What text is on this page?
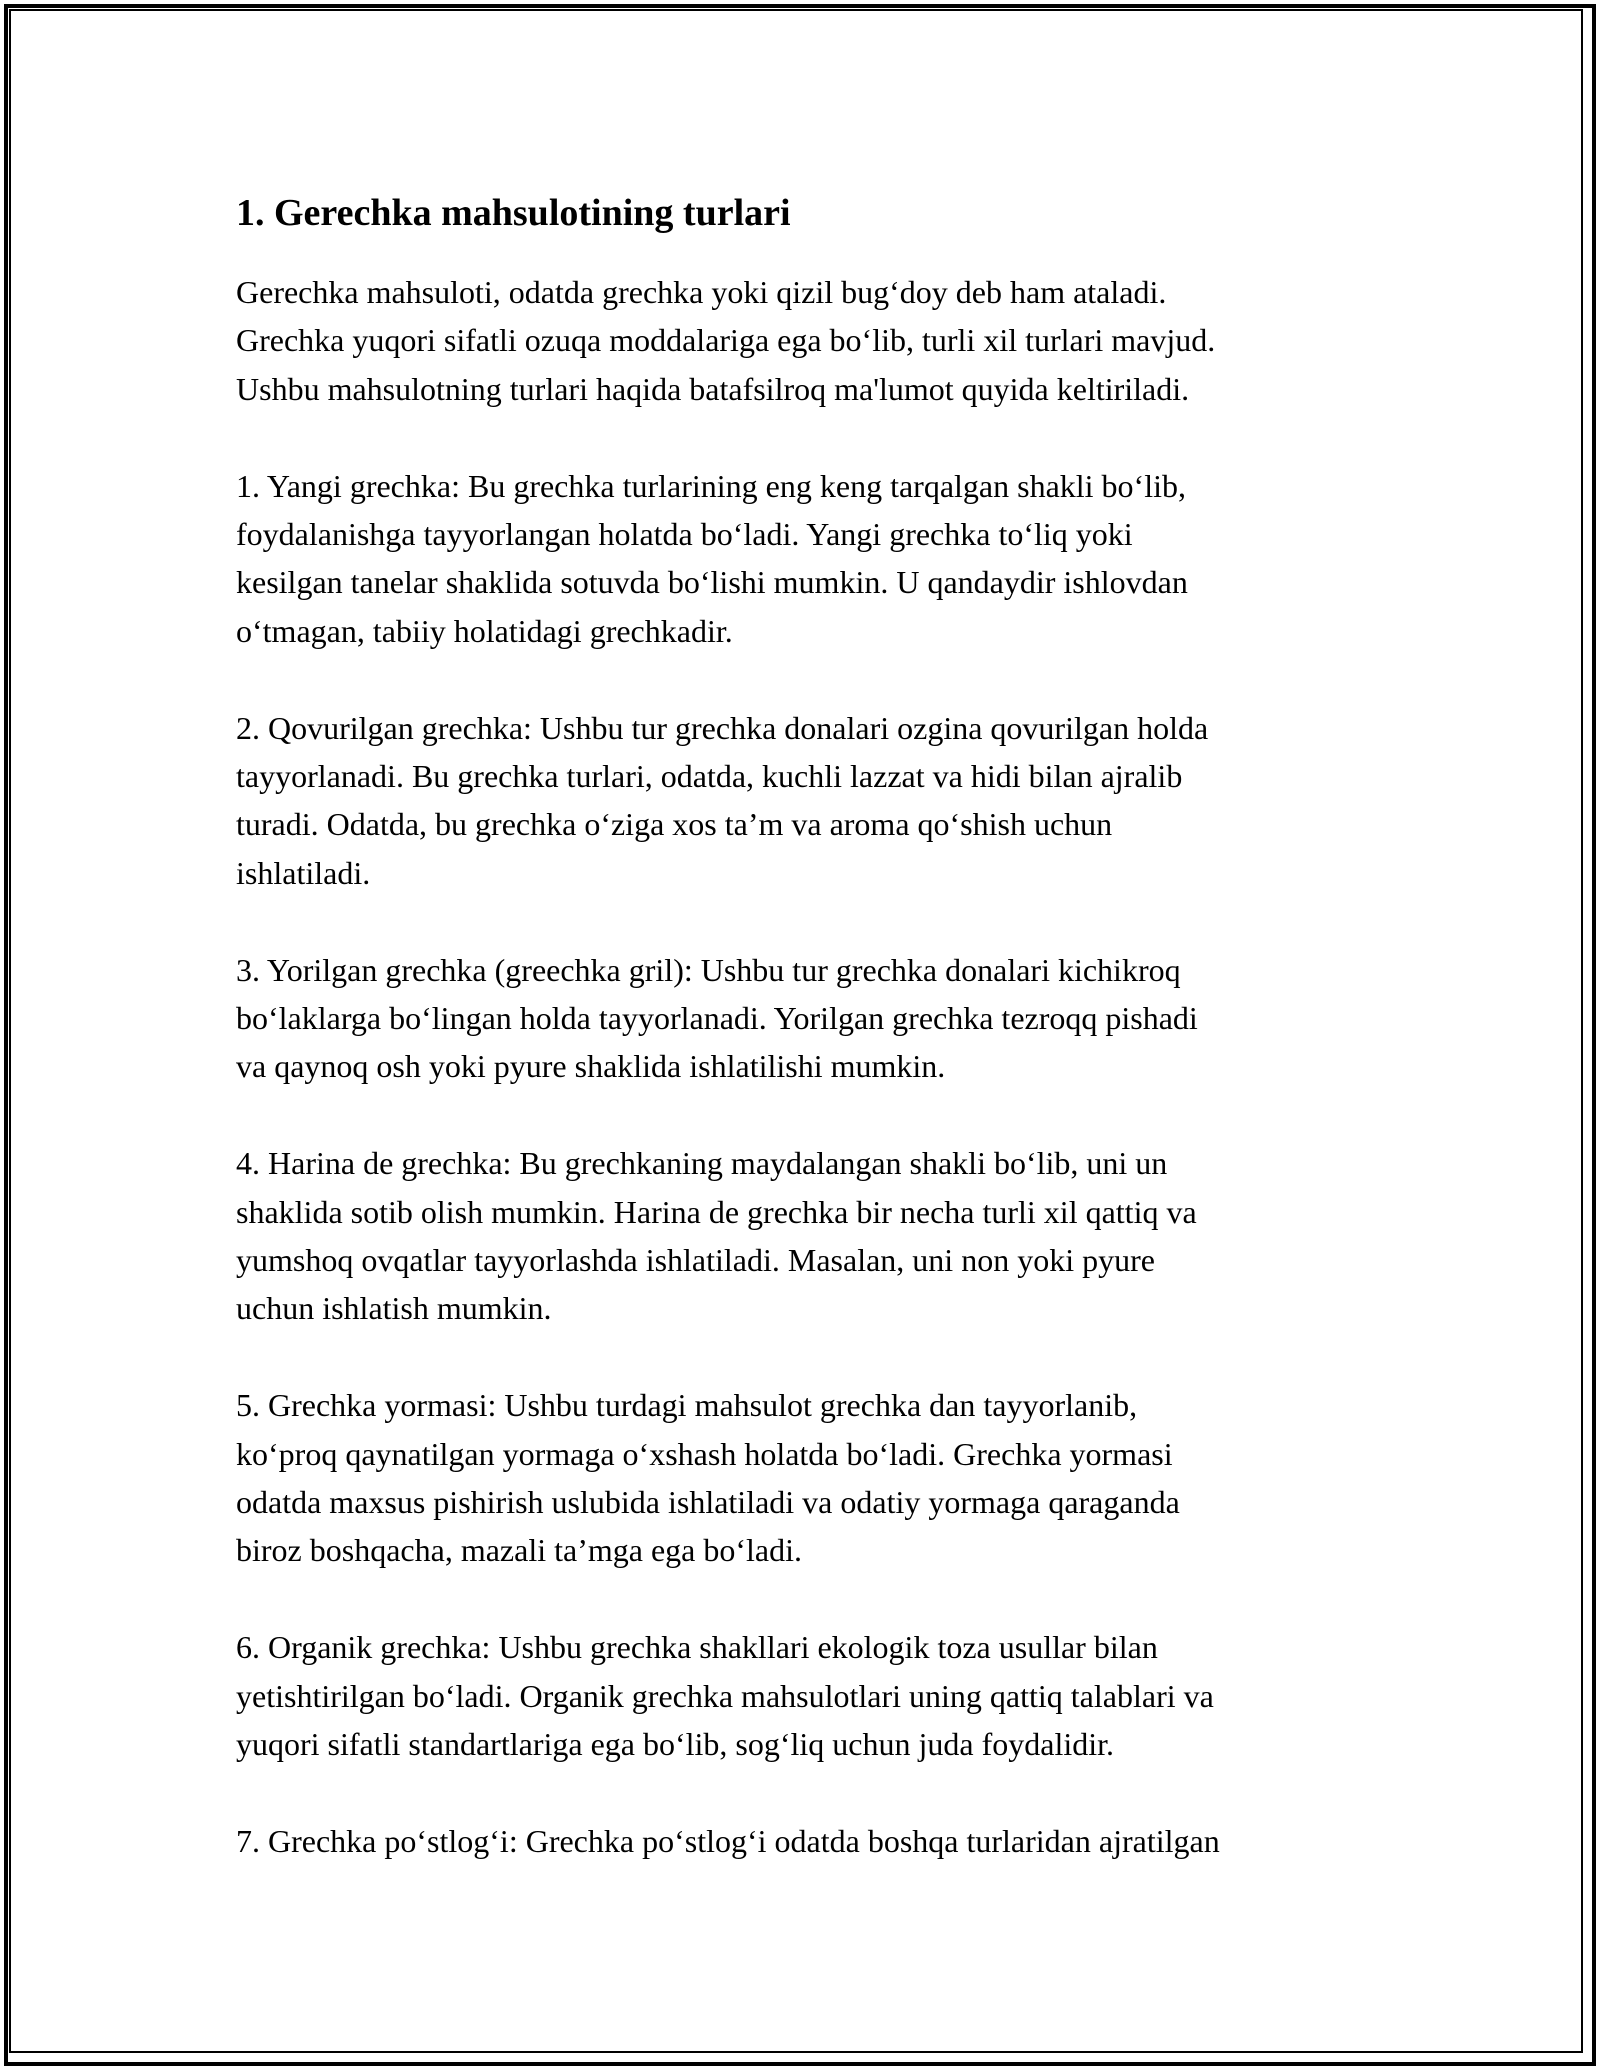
1. Gerechka mahsulotining turlari

Gerechka mahsuloti, odatda grechka yoki qizil bug‘doy deb ham ataladi.
Grechka yuqori sifatli ozuqa moddalariga ega bo‘lib, turli xil turlari mavjud.
Ushbu mahsulotning turlari haqida batafsilroq ma'lumot quyida keltiriladi.

1. Yangi grechka: Bu grechka turlarining eng keng tarqalgan shakli bo‘lib,
foydalanishga tayyorlangan holatda bo‘ladi. Yangi grechka to‘liq yoki
kesilgan tanelar shaklida sotuvda bo‘lishi mumkin. U qandaydir ishlovdan
o‘tmagan, tabiiy holatidagi grechkadir.

2. Qovurilgan grechka: Ushbu tur grechka donalari ozgina qovurilgan holda
tayyorlanadi. Bu grechka turlari, odatda, kuchli lazzat va hidi bilan ajralib
turadi. Odatda, bu grechka o‘ziga xos ta’m va aroma qo‘shish uchun
ishlatiladi.

3. Yorilgan grechka (greechka gril): Ushbu tur grechka donalari kichikroq
bo‘laklarga bo‘lingan holda tayyorlanadi. Yorilgan grechka tezroqq pishadi
va qaynoq osh yoki pyure shaklida ishlatilishi mumkin.

4. Harina de grechka: Bu grechkaning maydalangan shakli bo‘lib, uni un
shaklida sotib olish mumkin. Harina de grechka bir necha turli xil qattiq va
yumshoq ovqatlar tayyorlashda ishlatiladi. Masalan, uni non yoki pyure
uchun ishlatish mumkin.

5. Grechka yormasi: Ushbu turdagi mahsulot grechka dan tayyorlanib,
ko‘proq qaynatilgan yormaga o‘xshash holatda bo‘ladi. Grechka yormasi
odatda maxsus pishirish uslubida ishlatiladi va odatiy yormaga qaraganda
biroz boshqacha, mazali ta’mga ega bo‘ladi.

6. Organik grechka: Ushbu grechka shakllari ekologik toza usullar bilan
yetishtirilgan bo‘ladi. Organik grechka mahsulotlari uning qattiq talablari va
yuqori sifatli standartlariga ega bo‘lib, sog‘liq uchun juda foydalidir.

7. Grechka po‘stlog‘i: Grechka po‘stlog‘i odatda boshqa turlaridan ajratilgan
